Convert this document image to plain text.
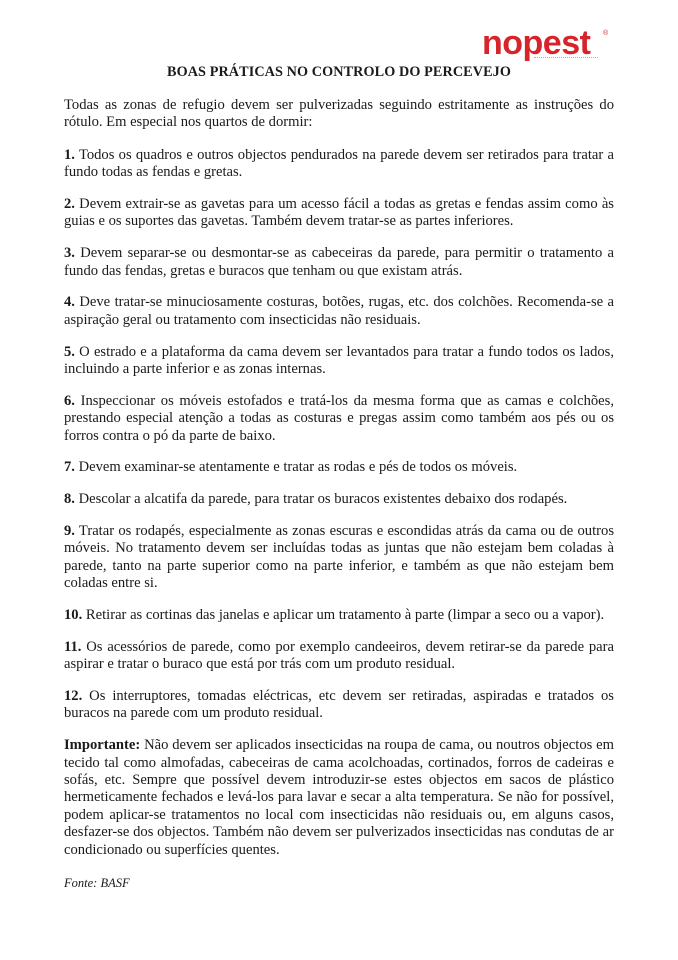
nopest ®
BOAS PRÁTICAS NO CONTROLO DO PERCEVEJO

Todas as zonas de refugio devem ser pulverizadas seguindo estritamente as instruções do rótulo. Em especial nos quartos de dormir:

1. Todos os quadros e outros objectos pendurados na parede devem ser retirados para tratar a fundo todas as fendas e gretas.

2. Devem extrair-se as gavetas para um acesso fácil a todas as gretas e fendas assim como às guias e os suportes das gavetas. Também devem tratar-se as partes inferiores.

3. Devem separar-se ou desmontar-se as cabeceiras da parede, para permitir o tratamento a fundo das fendas, gretas e buracos que tenham ou que existam atrás.

4. Deve tratar-se minuciosamente costuras, botões, rugas, etc. dos colchões. Recomenda-se a aspiração geral ou tratamento com insecticidas não residuais.

5. O estrado e a plataforma da cama devem ser levantados para tratar a fundo todos os lados, incluindo a parte inferior e as zonas internas.

6. Inspeccionar os móveis estofados e tratá-los da mesma forma que as camas e colchões, prestando especial atenção a todas as costuras e pregas assim como também aos pés ou os forros contra o pó da parte de baixo.

7. Devem examinar-se atentamente e tratar as rodas e pés de todos os móveis.

8. Descolar a alcatifa da parede, para tratar os buracos existentes debaixo dos rodapés.

9. Tratar os rodapés, especialmente as zonas escuras e escondidas atrás da cama ou de outros móveis. No tratamento devem ser incluídas todas as juntas que não estejam bem coladas à parede, tanto na parte superior como na parte inferior, e também as que não estejam bem coladas entre si.

10. Retirar as cortinas das janelas e aplicar um tratamento à parte (limpar a seco ou a vapor).

11. Os acessórios de parede, como por exemplo candeeiros, devem retirar-se da parede para aspirar e tratar o buraco que está por trás com um produto residual.

12. Os interruptores, tomadas eléctricas, etc devem ser retiradas, aspiradas e tratados os buracos na parede com um produto residual.

Importante: Não devem ser aplicados insecticidas na roupa de cama, ou noutros objectos em tecido tal como almofadas, cabeceiras de cama acolchoadas, cortinados, forros de cadeiras e sofás, etc. Sempre que possível devem introduzir-se estes objectos em sacos de plástico hermeticamente fechados e levá-los para lavar e secar a alta temperatura. Se não for possível, podem aplicar-se tratamentos no local com insecticidas não residuais ou, em alguns casos, desfazer-se dos objectos. Também não devem ser pulverizados insecticidas nas condutas de ar condicionado ou superfícies quentes.

Fonte: BASF
